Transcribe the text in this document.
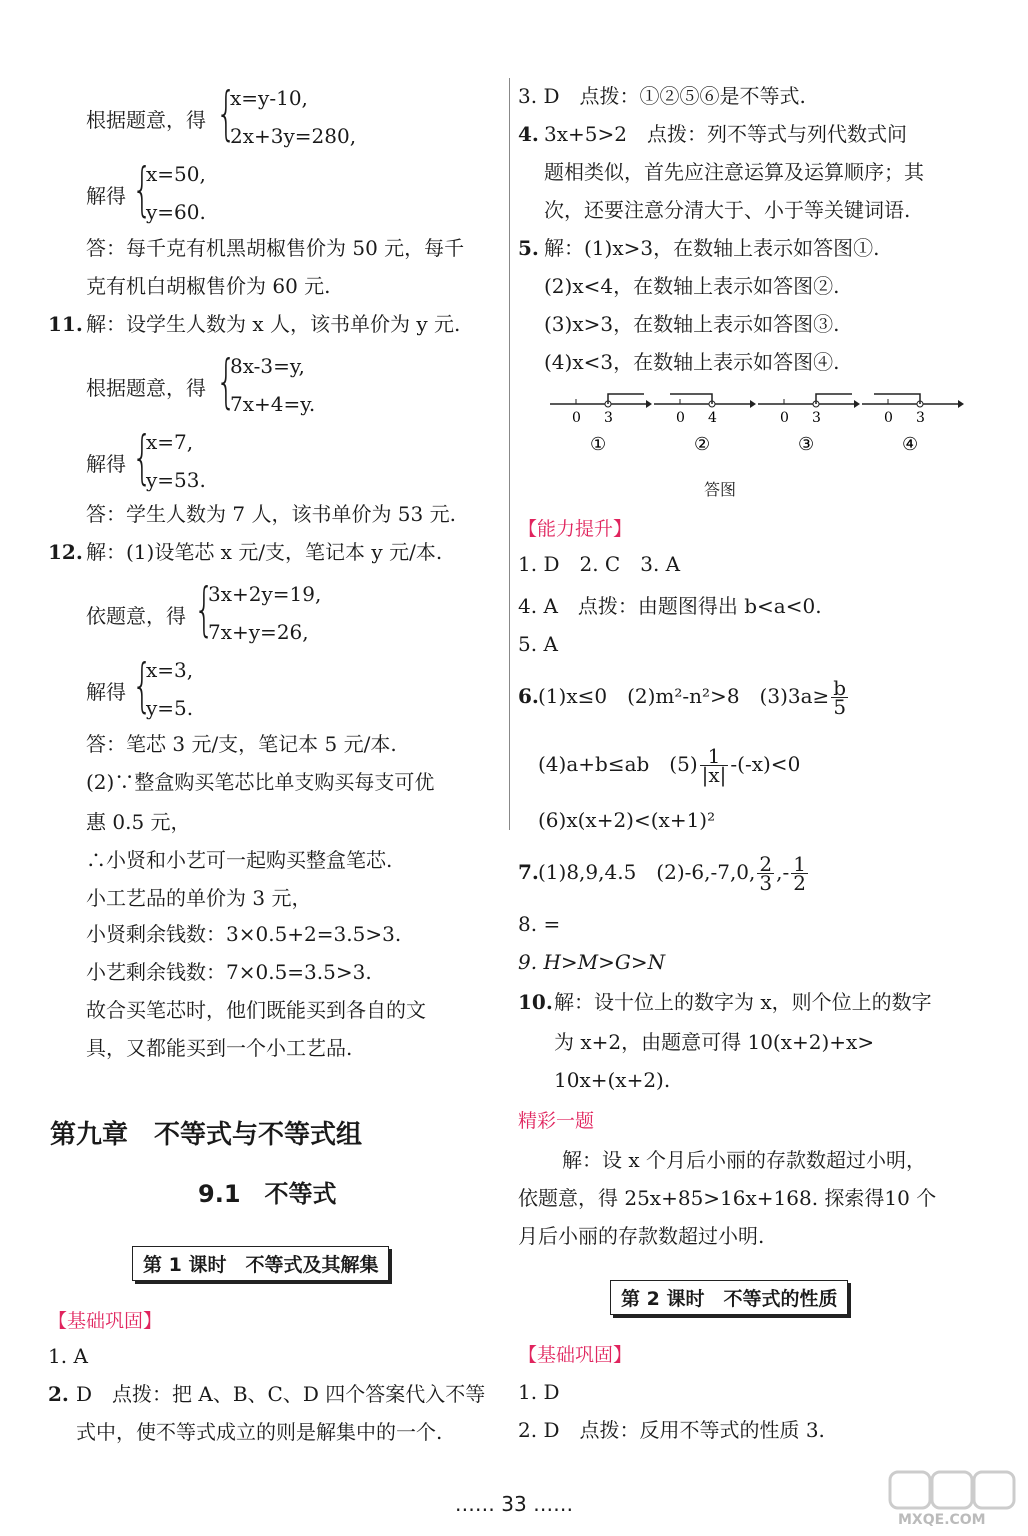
根据题意，得 {
x=y-10,
2x+3y=280,
解得 {
x=50,
y=60.
答：每千克有机黑胡椒售价为 50 元，每千
克有机白胡椒售价为 60 元.
11. 解：设学生人数为 x 人，该书单价为 y 元.
根据题意，得 {
8x-3=y,
7x+4=y.
解得 {
x=7,
y=53.
答：学生人数为 7 人，该书单价为 53 元.
12. 解：(1)设笔芯 x 元/支，笔记本 y 元/本.
依题意，得 {
3x+2y=19,
7x+y=26,
解得 {
x=3,
y=5.
答：笔芯 3 元/支，笔记本 5 元/本.
(2)∵整盒购买笔芯比单支购买每支可优
惠 0.5 元，
∴小贤和小艺可一起购买整盒笔芯.
小工艺品的单价为 3 元，
小贤剩余钱数：3×0.5+2=3.5>3.
小艺剩余钱数：7×0.5=3.5>3.
故合买笔芯时，他们既能买到各自的文
具，又都能买到一个小工艺品.
第九章　不等式与不等式组
9.1　不等式
第 1 课时　不等式及其解集
【基础巩固】
1. A
2. D　点拨：把 A、B、C、D 四个答案代入不等
式中，使不等式成立的则是解集中的一个.
3. D　点拨：①②⑤⑥是不等式.
4. 3x+5>2　点拨：列不等式与列代数式问
题相类似，首先应注意运算及运算顺序；其
次，还要注意分清大于、小于等关键词语.
5. 解：(1)x>3，在数轴上表示如答图①.
(2)x<4，在数轴上表示如答图②.
(3)x>3，在数轴上表示如答图③.
(4)x<3，在数轴上表示如答图④.
0 3
①
0 4
②
0 3
③
0 3
④
答图
【能力提升】
1. D　2. C　3. A
4. A　点拨：由题图得出 b<a<0.
5. A
6. (1)x≤0　(2)m²-n²>8　$(3)3a\ge \frac{b}{5}$
(4)a+b≤ab　$(5) \frac{1}{|x|} -(-x)<0$
(6)x(x+2)<(x+1)²
7. (1)8,9,4.5　(2)-6,-7,0, $\frac{2}{3}$ ,- $\frac{1}{2}$
8. =
9. H>M>G>N
10. 解：设十位上的数字为 x，则个位上的数字
为 x+2，由题意可得 10(x+2)+x>
10x+(x+2).
精彩一题
解：设 x 个月后小丽的存款数超过小明，
依题意，得 25x+85>16x+168. 探索得10 个
月后小丽的存款数超过小明.
第 2 课时　不等式的性质
【基础巩固】
1. D
2. D　点拨：反用不等式的性质 3.
…… 33 ……
MXQE.COM
